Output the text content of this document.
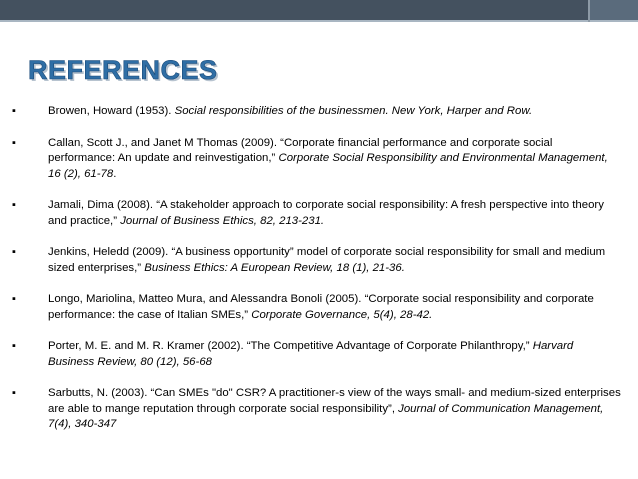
REFERENCES
▪	Browen, Howard (1953). Social responsibilities of the businessmen. New York, Harper and Row.
▪	Callan, Scott J., and Janet M Thomas (2009). “Corporate financial performance and corporate social performance: An update and reinvestigation,” Corporate Social Responsibility and Environmental Management, 16 (2), 61-78.
▪	Jamali, Dima (2008). “A stakeholder approach to corporate social responsibility: A fresh perspective into theory and practice,” Journal of Business Ethics, 82, 213-231.
▪	Jenkins, Heledd (2009). “A business opportunity” model of corporate social responsibility for small and medium sized enterprises,” Business Ethics: A European Review, 18 (1), 21-36.
▪	Longo, Mariolina, Matteo Mura, and Alessandra Bonoli (2005). “Corporate social responsibility and corporate performance: the case of Italian SMEs,” Corporate Governance, 5(4), 28-42.
▪	Porter, M. E. and M. R. Kramer (2002). “The Competitive Advantage of Corporate Philanthropy,” Harvard Business Review, 80 (12), 56-68
▪	Sarbutts, N. (2003). “Can SMEs "do" CSR? A practitioner-s view of the ways small- and medium-sized enterprises are able to mange reputation through corporate social responsibility”, Journal of Communication Management, 7(4), 340-347
